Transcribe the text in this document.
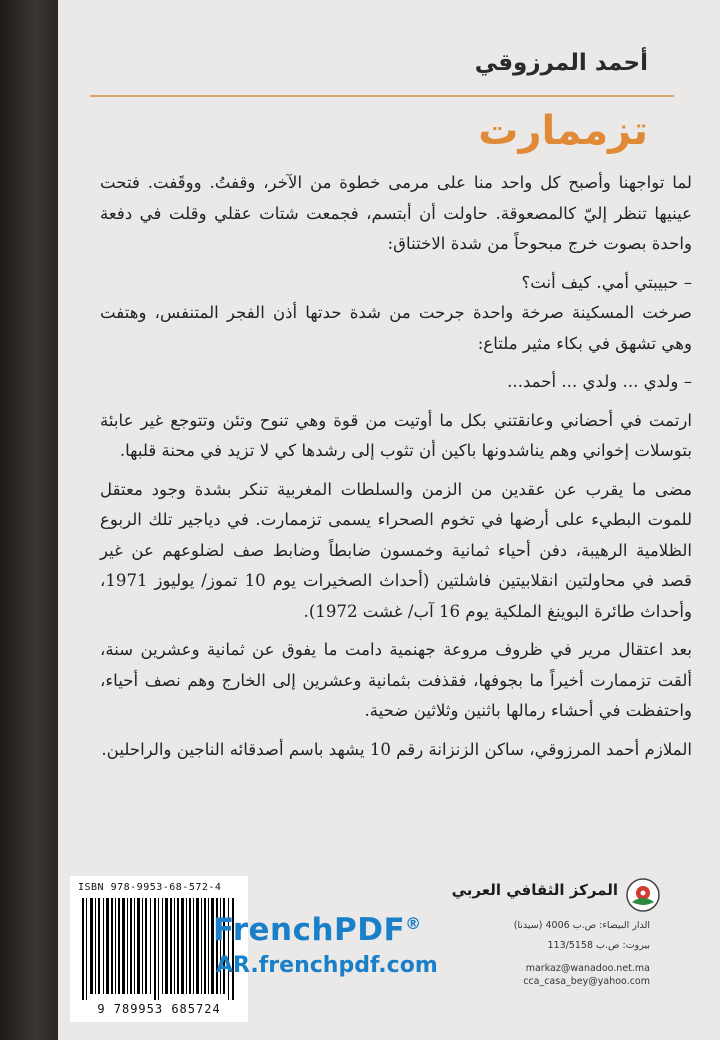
أحمد المرزوقي
تزممارت

لما تواجهنا وأصبح كل واحد منا على مرمى خطوة من الآخر، وقفتُ. ووقَفت. فتحت عينيها تنظر إليّ كالمصعوقة. حاولت أن أبتسم، فجمعت شتات عقلي وقلت في دفعة واحدة بصوت خرج مبحوحاً من شدة الاختناق:

– حبيبتي أمي. كيف أنت؟

صرخت المسكينة صرخة واحدة جرحت من شدة حدتها أذن الفجر المتنفس، وهتفت وهي تشهق في بكاء مثير ملتاع:

– ولدي ... ولدي ... أحمد...

ارتمت في أحضاني وعانقتني بكل ما أوتيت من قوة وهي تنوح وتئن وتتوجع غير عابئة بتوسلات إخواني وهم يناشدونها باكين أن تثوب إلى رشدها كي لا تزيد في محنة قلبها.

مضى ما يقرب عن عقدين من الزمن والسلطات المغربية تنكر بشدة وجود معتقل للموت البطيء على أرضها في تخوم الصحراء يسمى تزممارت. في دياجير تلك الربوع الظلامية الرهيبة، دفن أحياء ثمانية وخمسون ضابطاً وضابط صف لضلوعهم عن غير قصد في محاولتين انقلابيتين فاشلتين (أحداث الصخيرات يوم 10 تموز/ يوليوز 1971، وأحداث طائرة البوينغ الملكية يوم 16 آب/ غشت 1972).

بعد اعتقال مرير في ظروف مروعة جهنمية دامت ما يفوق عن ثمانية وعشرين سنة، ألقت تزممارت أخيراً ما بجوفها، فقذفت بثمانية وعشرين إلى الخارج وهم نصف أحياء، واحتفظت في أحشاء رمالها باثنين وثلاثين ضحية.

الملازم أحمد المرزوقي، ساكن الزنزانة رقم 10 يشهد باسم أصدقائه الناجين والراحلين.

ISBN 978-9953-68-572-4
9 789953 685724
المركز الثقافي العربي
الدار البيضاء: ص.ب 4006 (سيدنا)
بيروت: ص.ب 113/5158
markaz@wanadoo.net.ma
cca_casa_bey@yahoo.com
FrenchPDF®
AR.frenchpdf.com
